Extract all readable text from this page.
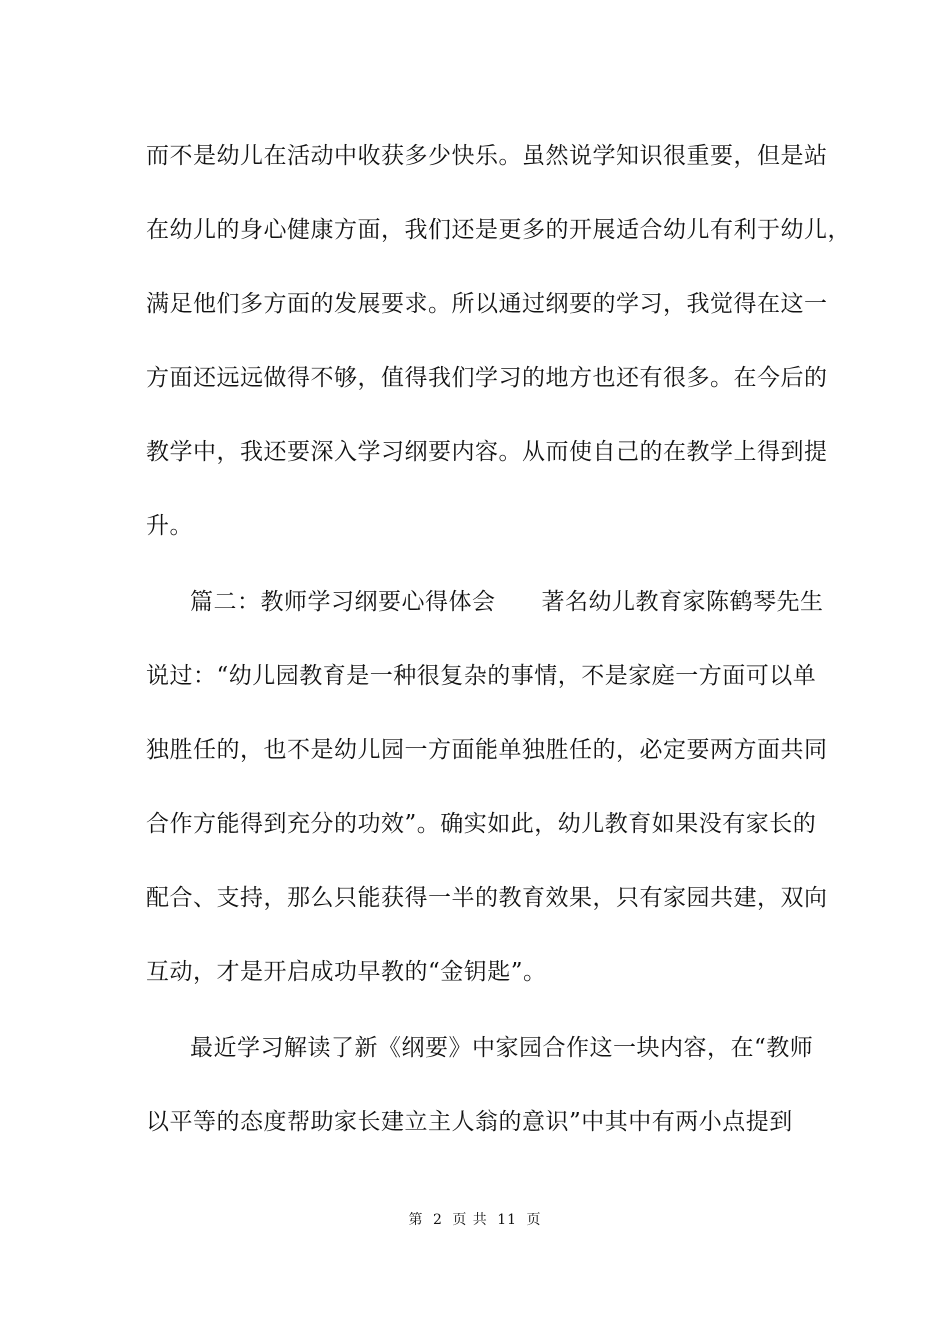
而不是幼儿在活动中收获多少快乐。虽然说学知识很重要，但是站
在幼儿的身心健康方面，我们还是更多的开展适合幼儿有利于幼儿，
满足他们多方面的发展要求。所以通过纲要的学习，我觉得在这一
方面还远远做得不够，值得我们学习的地方也还有很多。在今后的
教学中，我还要深入学习纲要内容。从而使自己的在教学上得到提
升。
篇二：教师学习纲要心得体会 著名幼儿教育家陈鹤琴先生
说过：“幼儿园教育是一种很复杂的事情，不是家庭一方面可以单
独胜任的，也不是幼儿园一方面能单独胜任的，必定要两方面共同
合作方能得到充分的功效”。确实如此，幼儿教育如果没有家长的
配合、支持，那么只能获得一半的教育效果，只有家园共建，双向
互动，才是开启成功早教的“金钥匙”。
最近学习解读了新《纲要》中家园合作这一块内容，在“教师
以平等的态度帮助家长建立主人翁的意识”中其中有两小点提到
第 2 页 共 11 页
